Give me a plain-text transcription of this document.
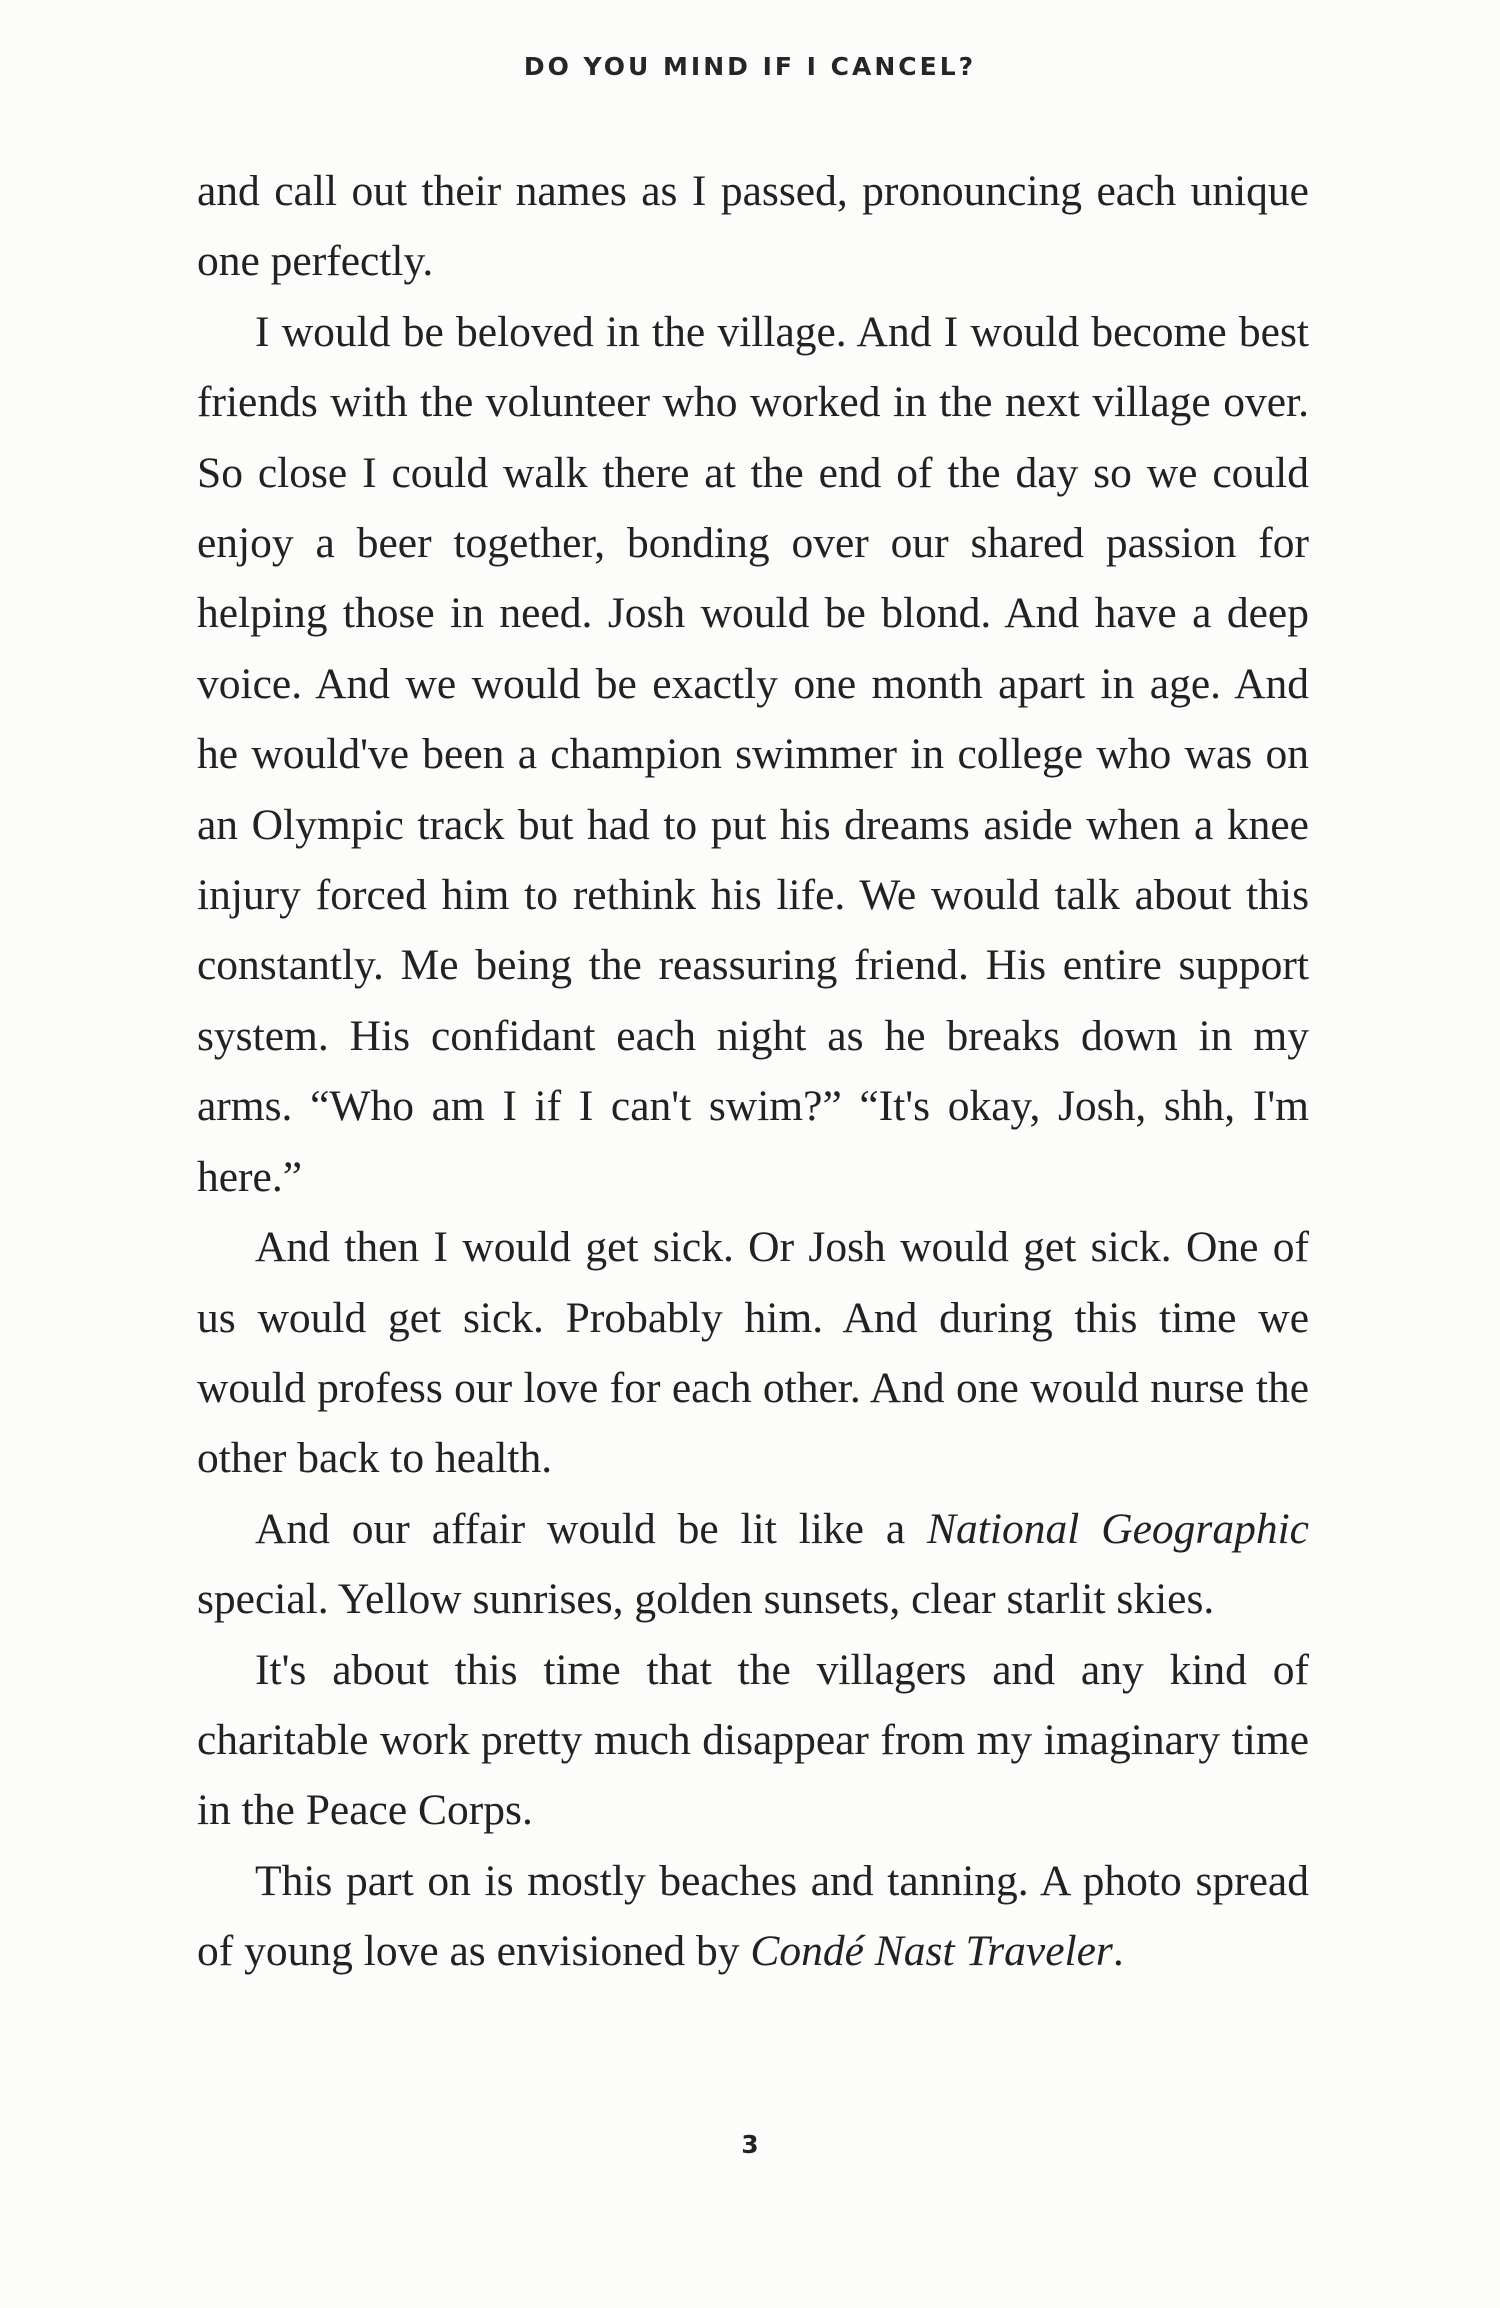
DO YOU MIND IF I CANCEL?

and call out their names as I passed, pronouncing each unique one perfectly.

I would be beloved in the village. And I would become best friends with the volunteer who worked in the next village over. So close I could walk there at the end of the day so we could enjoy a beer together, bonding over our shared passion for helping those in need. Josh would be blond. And have a deep voice. And we would be exactly one month apart in age. And he would've been a champion swimmer in college who was on an Olympic track but had to put his dreams aside when a knee injury forced him to rethink his life. We would talk about this constantly. Me being the reassuring friend. His entire support system. His confidant each night as he breaks down in my arms. “Who am I if I can't swim?” “It's okay, Josh, shh, I'm here.”

And then I would get sick. Or Josh would get sick. One of us would get sick. Probably him. And during this time we would profess our love for each other. And one would nurse the other back to health.

And our affair would be lit like a National Geographic special. Yellow sunrises, golden sunsets, clear starlit skies.

It's about this time that the villagers and any kind of charitable work pretty much disappear from my imaginary time in the Peace Corps.

This part on is mostly beaches and tanning. A photo spread of young love as envisioned by Condé Nast Traveler.

3
